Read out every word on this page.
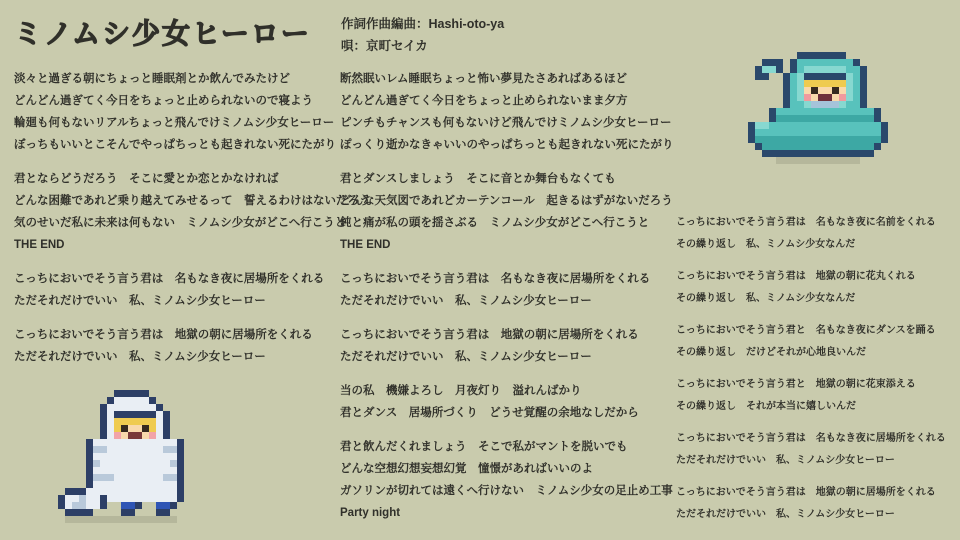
ミノムシ少女ヒーロー 作詞作曲編曲：Hashi-oto-ya
唄：京町セイカ
淡々と過ぎる朝にちょっと睡眠剤とか飲んでみたけど
どんどん過ぎてく今日をちょっと止められないので寝よう
輪廻も何もないリアルちょっと飛んでけミノムシ少女ヒーロー
ぼっちもいいとこそんでやっぱちっとも起きれない死にたがり
君とならどうだろう　そこに愛とか恋とかなければ
どんな困難であれど乗り越えてみせるって　誓えるわけはないだろう
気のせいだ私に未来は何もない　ミノムシ少女がどこへ行こうと
THE END
こっちにおいでそう言う君は　名もなき夜に居場所をくれる
ただそれだけでいい　私、ミノムシ少女ヒーロー
こっちにおいでそう言う君は　地獄の朝に居場所をくれる
ただそれだけでいい　私、ミノムシ少女ヒーロー
断然眠いレム睡眠ちょっと怖い夢見たさあればあるほど
どんどん過ぎてく今日をちょっと止められないまま夕方
ピンチもチャンスも何もないけど飛んでけミノムシ少女ヒーロー
ぽっくり逝かなきゃいいのやっぱちっとも起きれない死にたがり
君とダンスしましょう　そこに音とか舞台もなくても
どんな天気図であれどカーテンコール　起きるはずがないだろう
鈍と痛が私の頭を揺さぶる　ミノムシ少女がどこへ行こうと
THE END
こっちにおいでそう言う君は　名もなき夜に居場所をくれる
ただそれだけでいい　私、ミノムシ少女ヒーロー
こっちにおいでそう言う君は　地獄の朝に居場所をくれる
ただそれだけでいい　私、ミノムシ少女ヒーロー
当の私　機嫌よろし　月夜灯り　溢れんばかり
君とダンス　居場所づくり　どうせ覚醒の余地なしだから
君と飲んだくれましょう　そこで私がマントを脱いでも
どんな空想幻想妄想幻覚　憧憬があればいいのよ
ガソリンが切れては遠くへ行けない　ミノムシ少女の足止め工事
Party night
こっちにおいでそう言う君は　名もなき夜に名前をくれる
その繰り返し　私、ミノムシ少女なんだ
こっちにおいでそう言う君は　地獄の朝に花丸くれる
その繰り返し　私、ミノムシ少女なんだ
こっちにおいでそう言う君と　名もなき夜にダンスを踊る
その繰り返し　だけどそれが心地良いんだ
こっちにおいでそう言う君と　地獄の朝に花束添える
その繰り返し　それが本当に嬉しいんだ
こっちにおいでそう言う君は　名もなき夜に居場所をくれる
ただそれだけでいい　私、ミノムシ少女ヒーロー
こっちにおいでそう言う君は　地獄の朝に居場所をくれる
ただそれだけでいい　私、ミノムシ少女ヒーロー
